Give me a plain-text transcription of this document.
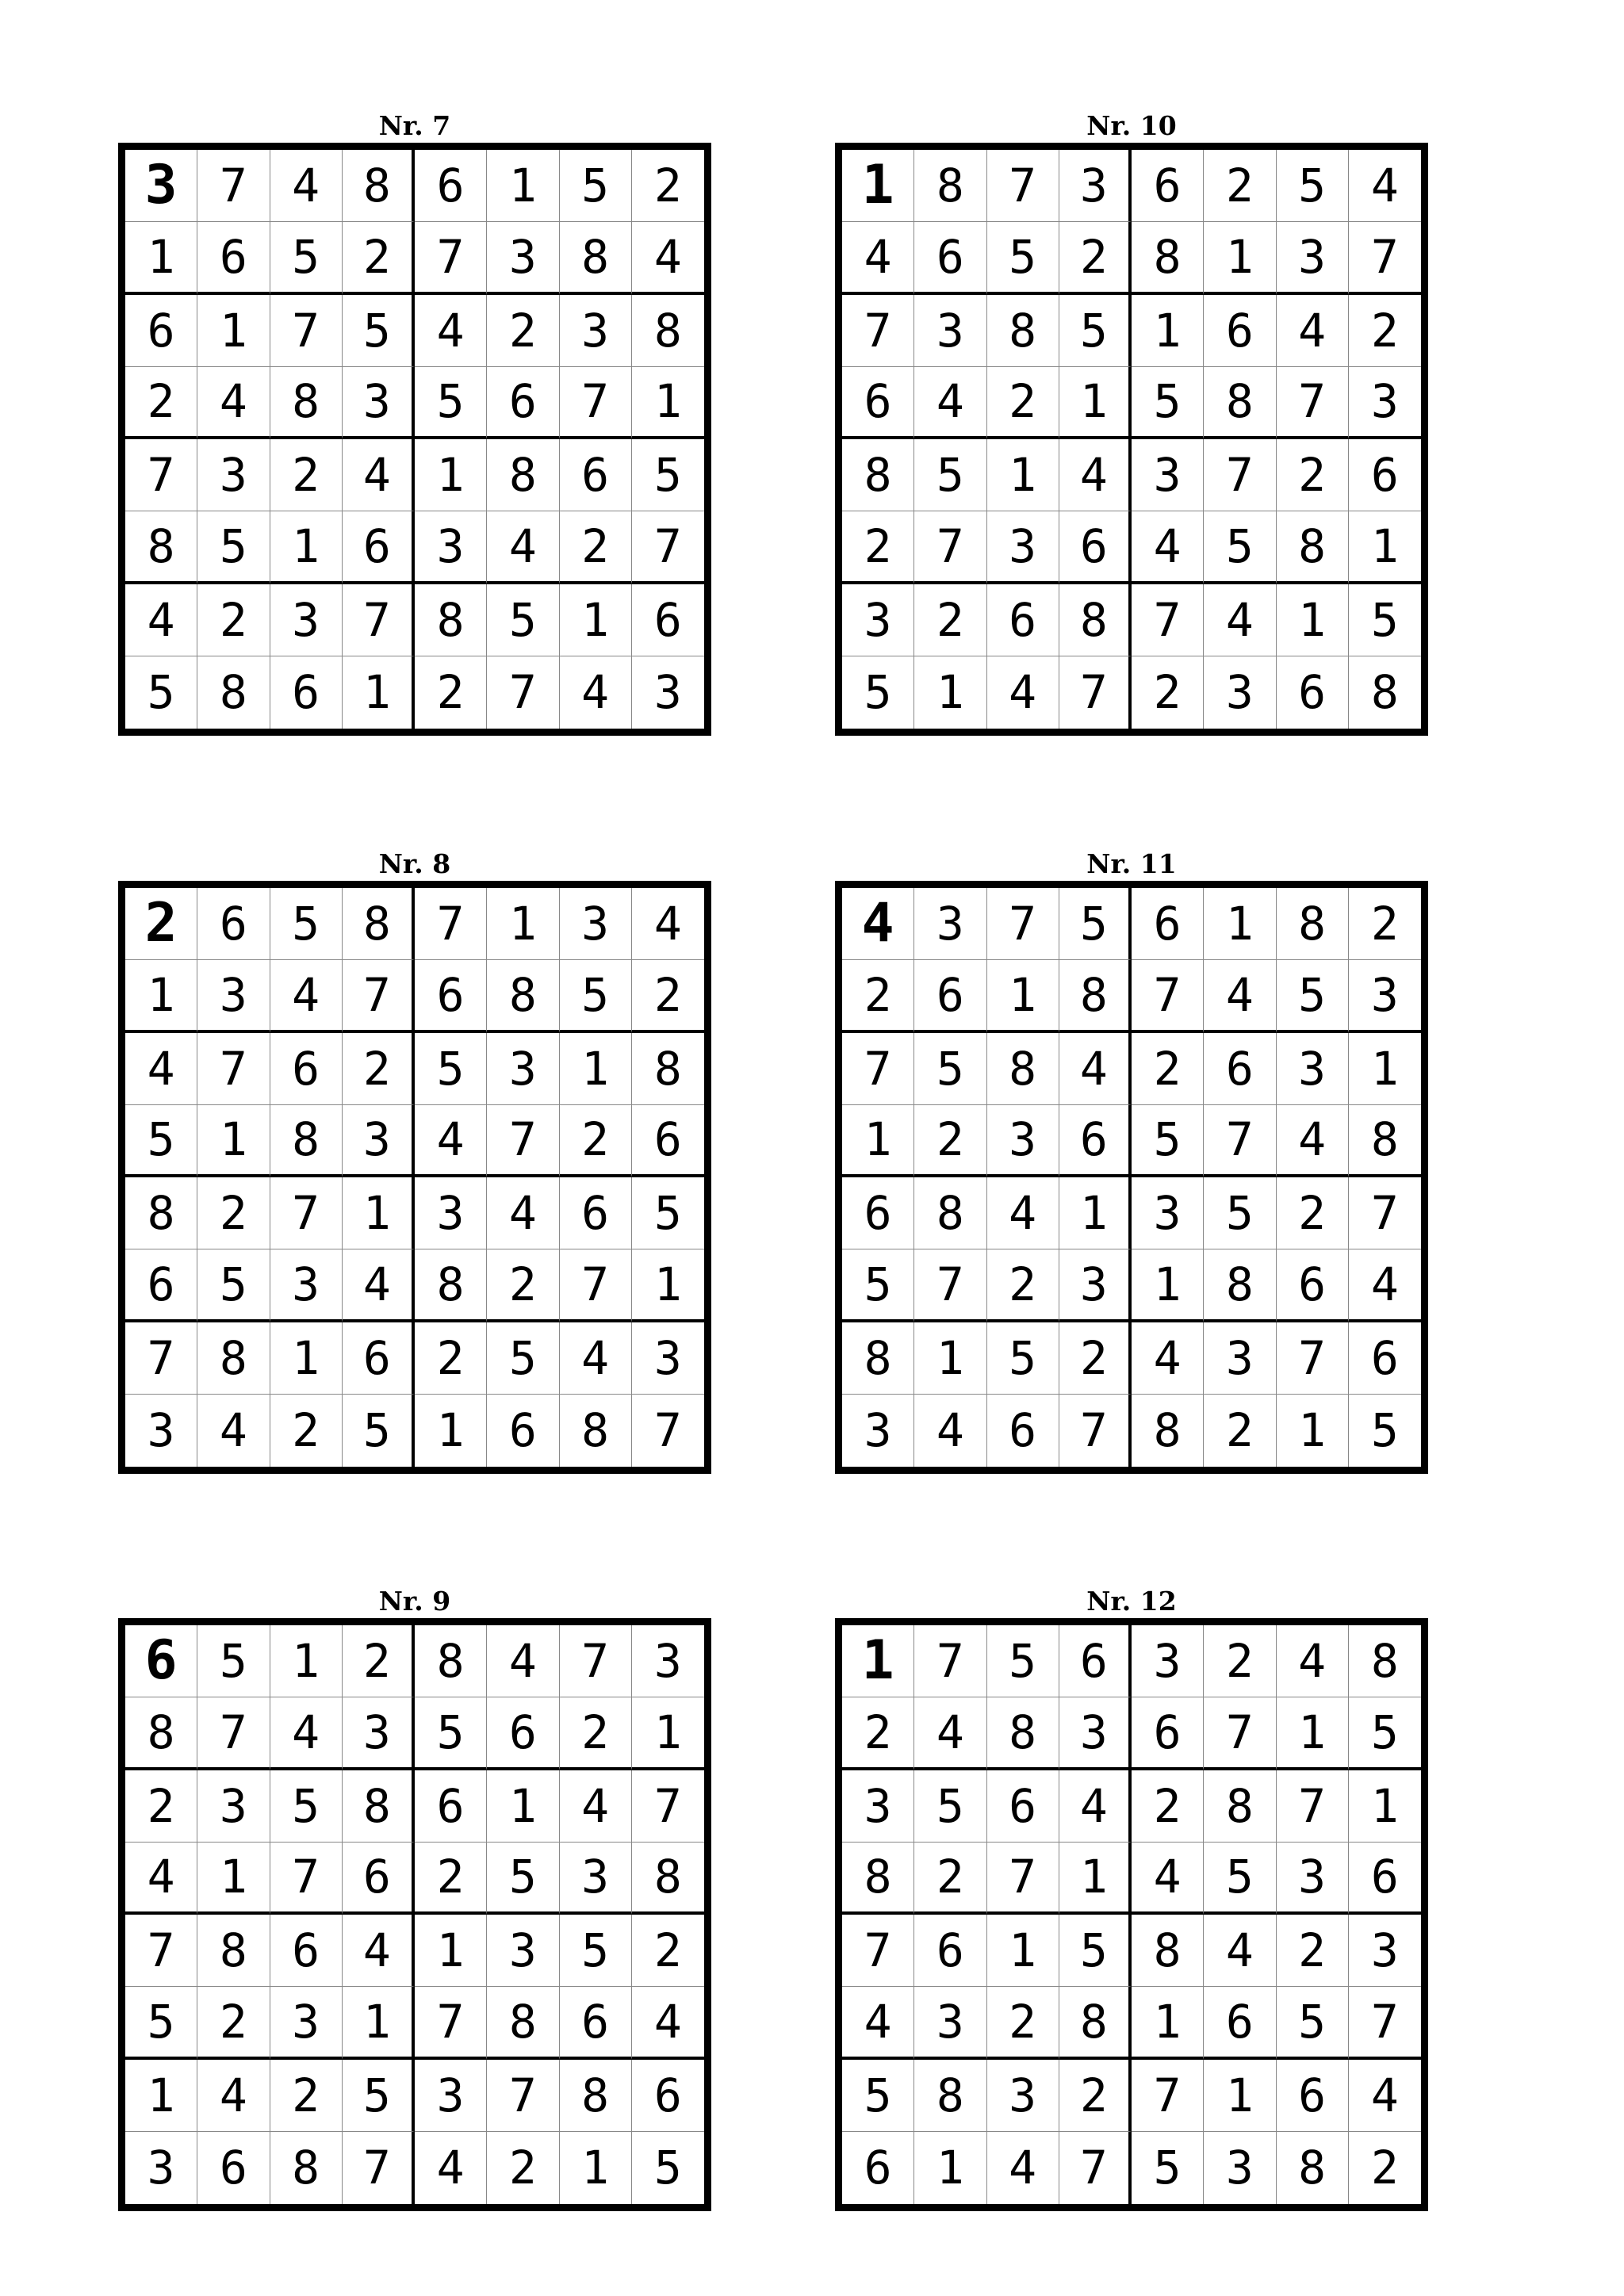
Nr. 7
3 7 4 8 6 1 5 2
1 6 5 2 7 3 8 4
6 1 7 5 4 2 3 8
2 4 8 3 5 6 7 1
7 3 2 4 1 8 6 5
8 5 1 6 3 4 2 7
4 2 3 7 8 5 1 6
5 8 6 1 2 7 4 3
Nr. 10
1 8 7 3 6 2 5 4
4 6 5 2 8 1 3 7
7 3 8 5 1 6 4 2
6 4 2 1 5 8 7 3
8 5 1 4 3 7 2 6
2 7 3 6 4 5 8 1
3 2 6 8 7 4 1 5
5 1 4 7 2 3 6 8
Nr. 8
2 6 5 8 7 1 3 4
1 3 4 7 6 8 5 2
4 7 6 2 5 3 1 8
5 1 8 3 4 7 2 6
8 2 7 1 3 4 6 5
6 5 3 4 8 2 7 1
7 8 1 6 2 5 4 3
3 4 2 5 1 6 8 7
Nr. 11
4 3 7 5 6 1 8 2
2 6 1 8 7 4 5 3
7 5 8 4 2 6 3 1
1 2 3 6 5 7 4 8
6 8 4 1 3 5 2 7
5 7 2 3 1 8 6 4
8 1 5 2 4 3 7 6
3 4 6 7 8 2 1 5
Nr. 9
6 5 1 2 8 4 7 3
8 7 4 3 5 6 2 1
2 3 5 8 6 1 4 7
4 1 7 6 2 5 3 8
7 8 6 4 1 3 5 2
5 2 3 1 7 8 6 4
1 4 2 5 3 7 8 6
3 6 8 7 4 2 1 5
Nr. 12
1 7 5 6 3 2 4 8
2 4 8 3 6 7 1 5
3 5 6 4 2 8 7 1
8 2 7 1 4 5 3 6
7 6 1 5 8 4 2 3
4 3 2 8 1 6 5 7
5 8 3 2 7 1 6 4
6 1 4 7 5 3 8 2
